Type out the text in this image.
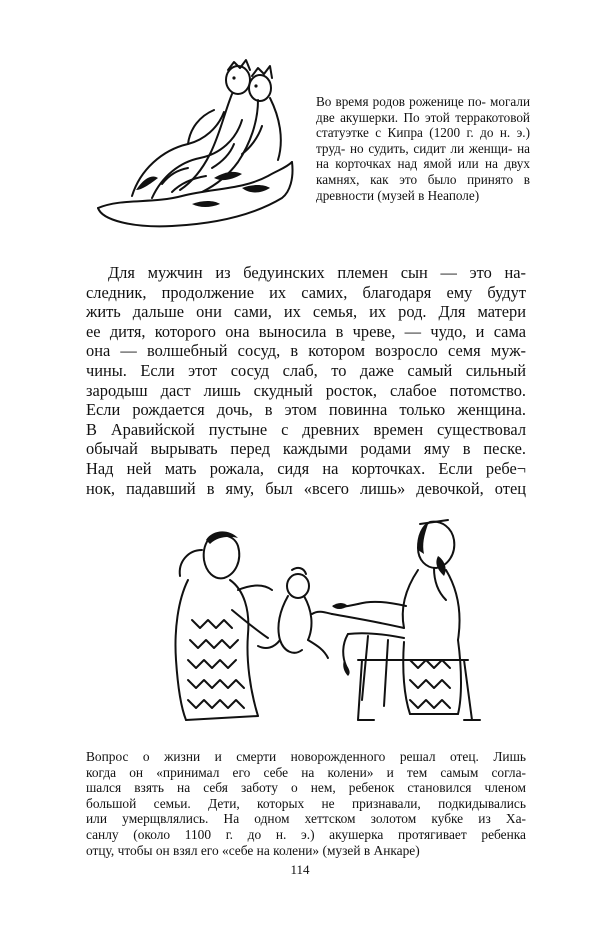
Во время родов роженице по- могали две акушерки. По этой терракотовой статуэтке с Кипра (1200 г. до н. э.) труд- но судить, сидит ли женщи- на на корточках над ямой или на двух камнях, как это было принято в древности (музей в Неаполе)

Для мужчин из бедуинских племен сын — это на-
следник, продолжение их самих, благодаря ему будут
жить дальше они сами, их семья, их род. Для матери
ее дитя, которого она выносила в чреве, — чудо, и сама
она — волшебный сосуд, в котором возросло семя муж-
чины. Если этот сосуд слаб, то даже самый сильный
зародыш даст лишь скудный росток, слабое потомство.
Если рождается дочь, в этом повинна только женщина.
В Аравийской пустыне с древних времен существовал
обычай вырывать перед каждыми родами яму в песке.
Над ней мать рожала, сидя на корточках. Если ребе¬
нок, падавший в яму, был «всего лишь» девочкой, отец

Вопрос о жизни и смерти новорожденного решал отец. Лишь
когда он «принимал его себе на колени» и тем самым согла-
шался взять на себя заботу о нем, ребенок становился членом
большой семьи. Дети, которых не признавали, подкидывались
или умерщвлялись. На одном хеттском золотом кубке из Ха-
санлу (около 1100 г. до н. э.) акушерка протягивает ребенка
отцу, чтобы он взял его «себе на колени» (музей в Анкаре)

114
